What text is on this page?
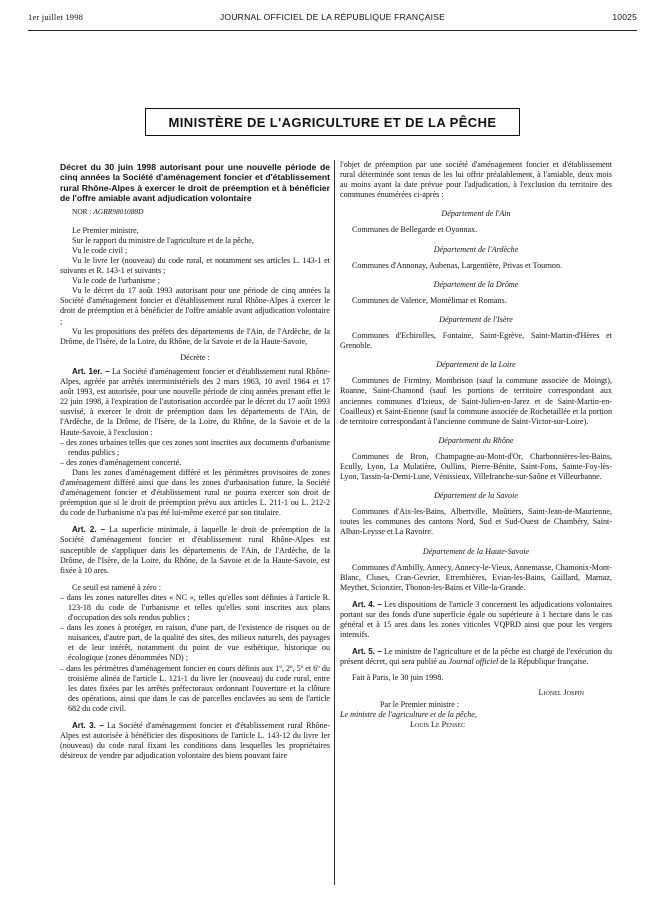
1er juillet 1998	JOURNAL OFFICIEL DE LA RÉPUBLIQUE FRANÇAISE	10025
MINISTÈRE DE L'AGRICULTURE ET DE LA PÊCHE
Décret du 30 juin 1998 autorisant pour une nouvelle période de cinq années la Société d'aménagement foncier et d'établissement rural Rhône-Alpes à exercer le droit de préemption et à bénéficier de l'offre amiable avant adjudication volontaire
NOR : AGRR9801088D

Le Premier ministre,

Sur le rapport du ministre de l'agriculture et de la pêche,

Vu le code civil ;

Vu le livre Ier (nouveau) du code rural, et notamment ses articles L. 143-1 et suivants et R. 143-1 et suivants ;

Vu le code de l'urbanisme ;

Vu le décret du 17 août 1993 autorisant pour une période de cinq années la Société d'aménagement foncier et d'établissement rural Rhône-Alpes à exercer le droit de préemption et à bénéficier de l'offre amiable avant adjudication volontaire ;

Vu les propositions des préfets des départements de l'Ain, de l'Ardèche, de la Drôme, de l'Isère, de la Loire, du Rhône, de la Savoie et de la Haute-Savoie,

Décrète :

Art. 1er. – La Société d'aménagement foncier et d'établissement rural Rhône-Alpes, agréée par arrêtés interministériels des 2 mars 1963, 10 avril 1964 et 17 août 1993, est autorisée, pour une nouvelle période de cinq années prenant effet le 22 juin 1998, à l'expiration de l'autorisation accordée par le décret du 17 août 1993 susvisé, à exercer le droit de préemption dans les départements de l'Ain, de l'Ardèche, de la Drôme, de l'Isère, de la Loire, du Rhône, de la Savoie et de la Haute-Savoie, à l'exclusion :

– des zones urbaines telles que ces zones sont inscrites aux documents d'urbanisme rendus publics ;

– des zones d'aménagement concerté.

Dans les zones d'aménagement différé et les périmètres provisoires de zones d'aménagement différé ainsi que dans les zones d'urbanisation future, la Société d'aménagement foncier et d'établissement rural ne pourra exercer son droit de préemption que si le droit de préemption prévu aux articles L. 211-1 ou L. 212-2 du code de l'urbanisme n'a pas été lui-même exercé par son titulaire.

Art. 2. – La superficie minimale, à laquelle le droit de préemption de la Société d'aménagement foncier et d'établissement rural Rhône-Alpes est susceptible de s'appliquer dans les départements de l'Ain, de l'Ardèche, de la Drôme, de l'Isère, de la Loire, du Rhône, de la Savoie et de la Haute-Savoie, est fixée à 10 ares.

Ce seuil est ramené à zéro :

– dans les zones naturelles dites « NC », telles qu'elles sont définies à l'article R. 123-18 du code de l'urbanisme et telles qu'elles sont inscrites aux plans d'occupation des sols rendus publics ;

– dans les zones à protéger, en raison, d'une part, de l'existence de risques ou de nuisances, d'autre part, de la qualité des sites, des milieux naturels, des paysages et de leur intérêt, notamment du point de vue esthétique, historique ou écologique (zones dénommées ND) ;

– dans les périmètres d'aménagement foncier en cours définis aux 1º, 2º, 5º et 6º du troisième alinéa de l'article L. 121-1 du livre Ier (nouveau) du code rural, entre les dates fixées par les arrêtés préfectoraux ordonnant l'ouverture et la clôture des opérations, ainsi que dans le cas de parcelles enclavées au sens de l'article 682 du code civil.

Art. 3. – La Société d'aménagement foncier et d'établissement rural Rhône-Alpes est autorisée à bénéficier des dispositions de l'article L. 143-12 du livre Ier (nouveau) du code rural fixant les conditions dans lesquelles les propriétaires désireux de vendre par adjudication volontaire des biens pouvant faire

l'objet de préemption par une société d'aménagement foncier et d'établissement rural déterminée sont tenus de les lui offrir préalablement, à l'amiable, deux mois au moins avant la date prévue pour l'adjudication, à l'exclusion du territoire des communes énumérées ci-après :

Département de l'Ain

Communes de Bellegarde et Oyonnax.

Département de l'Ardèche

Communes d'Annonay, Aubenas, Largentière, Privas et Tournon.

Département de la Drôme

Communes de Valence, Montélimar et Romans.

Département de l'Isère

Communes d'Echirolles, Fontaine, Saint-Egrève, Saint-Martin-d'Hères et Grenoble.

Département de la Loire

Communes de Firminy, Montbrison (sauf la commune associée de Moingt), Roanne, Saint-Chamond (sauf les portions de territoire correspondant aux anciennes communes d'Izieux, de Saint-Julien-en-Jarez et de Saint-Martin-en-Coailleux) et Saint-Etienne (sauf la commune associée de Rochetaillée et la portion de territoire correspondant à l'ancienne commune de Saint-Victor-sur-Loire).

Département du Rhône

Communes de Bron, Champagne-au-Mont-d'Or, Charbonnières-les-Bains, Ecully, Lyon, La Mulatière, Oullins, Pierre-Bénite, Saint-Fons, Sainte-Foy-lès-Lyon, Tassin-la-Demi-Lune, Vénissieux, Villefranche-sur-Saône et Villeurbanne.

Département de la Savoie

Communes d'Aix-les-Bains, Albertville, Moûtiers, Saint-Jean-de-Maurienne, toutes les communes des cantons Nord, Sud et Sud-Ouest de Chambéry, Saint-Alban-Leysse et La Ravoire.

Département de la Haute-Savoie

Communes d'Ambilly, Annecy, Annecy-le-Vieux, Annemasse, Chamonix-Mont-Blanc, Cluses, Cran-Gevrier, Etrembières, Evian-les-Bains, Gaillard, Marnaz, Meythet, Scionzier, Thonon-les-Bains et Ville-la-Grande.

Art. 4. – Les dispositions de l'article 3 concernent les adjudications volontaires portant sur des fonds d'une superficie égale ou supérieure à 1 hectare dans le cas général et à 15 ares dans les zones viticoles VQPRD ainsi que pour les vergers intensifs.

Art. 5. – Le ministre de l'agriculture et de la pêche est chargé de l'exécution du présent décret, qui sera publié au Journal officiel de la République française.

Fait à Paris, le 30 juin 1998.

Lionel Jospin

Par le Premier ministre :

Le ministre de l'agriculture et de la pêche,

Louis Le Pensec
